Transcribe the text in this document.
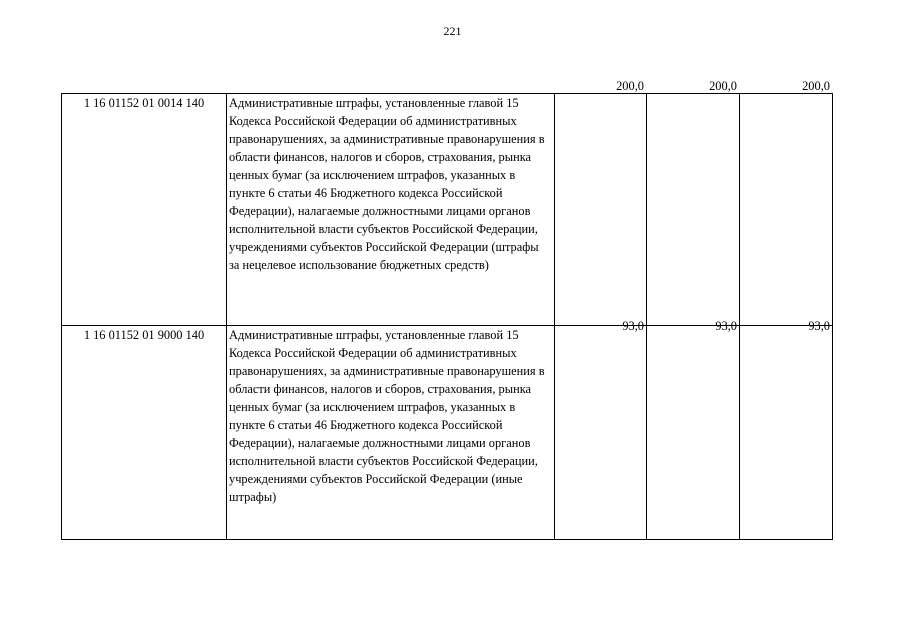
221
1 16 01152 01 0014 140	Административные штрафы, установленные главой 15 Кодекса Российской Федерации об административных правонарушениях, за административные правонарушения в области финансов, налогов и сборов, страхования, рынка ценных бумаг (за исключением штрафов, указанных в пункте 6 статьи 46 Бюджетного кодекса Российской Федерации), налагаемые должностными лицами органов исполнительной власти субъектов Российской Федерации, учреждениями субъектов Российской Федерации (штрафы за нецелевое использование бюджетных средств)	200,0	200,0	200,0
1 16 01152 01 9000 140	Административные штрафы, установленные главой 15 Кодекса Российской Федерации об административных правонарушениях, за административные правонарушения в области финансов, налогов и сборов, страхования, рынка ценных бумаг (за исключением штрафов, указанных в пункте 6 статьи 46 Бюджетного кодекса Российской Федерации), налагаемые должностными лицами органов исполнительной власти субъектов Российской Федерации, учреждениями субъектов Российской Федерации (иные штрафы)	93,0	93,0	93,0
